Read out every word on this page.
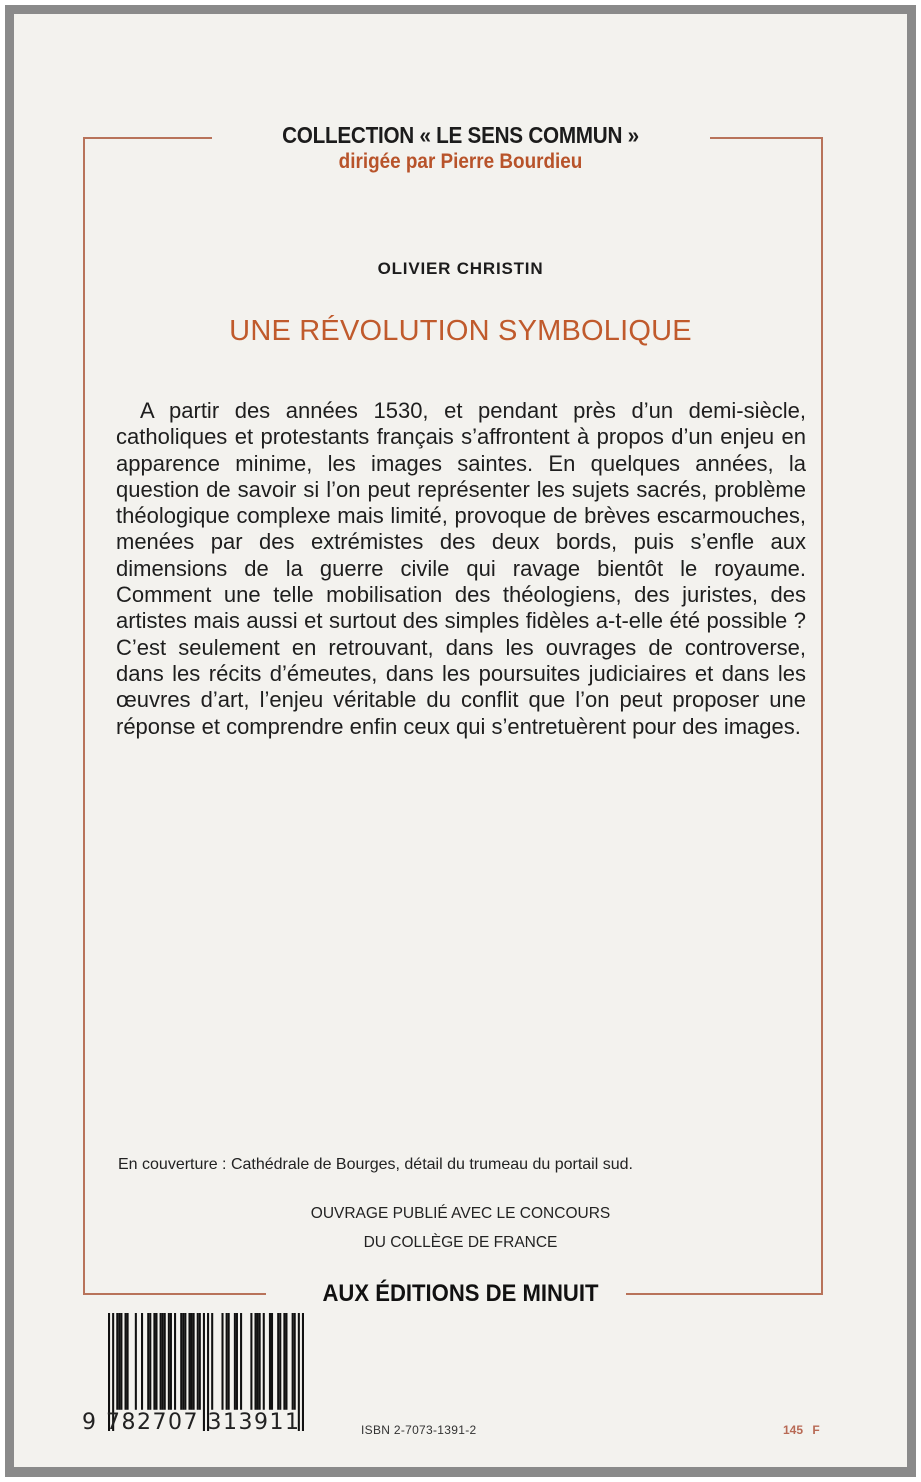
COLLECTION « LE SENS COMMUN »
dirigée par Pierre Bourdieu
OLIVIER CHRISTIN
UNE RÉVOLUTION SYMBOLIQUE
A partir des années 1530, et pendant près d’un demi-siècle, catholiques et protestants français s’affrontent à propos d’un enjeu en apparence minime, les images saintes. En quelques années, la question de savoir si l’on peut représenter les sujets sacrés, problème théologique complexe mais limité, provoque de brèves escarmouches, menées par des extrémistes des deux bords, puis s’enfle aux dimensions de la guerre civile qui ravage bientôt le royaume. Comment une telle mobilisation des théologiens, des juristes, des artistes mais aussi et surtout des simples fidèles a-t-elle été possible ? C’est seulement en retrouvant, dans les ouvrages de controverse, dans les récits d’émeutes, dans les poursuites judiciaires et dans les œuvres d’art, l’enjeu véritable du conflit que l’on peut proposer une réponse et comprendre enfin ceux qui s’entretuèrent pour des images.
En couverture : Cathédrale de Bourges, détail du trumeau du portail sud.
OUVRAGE PUBLIÉ AVEC LE CONCOURS
DU COLLÈGE DE FRANCE
AUX ÉDITIONS DE MINUIT
9 782707 313911	ISBN 2-7073-1391-2	145 F
